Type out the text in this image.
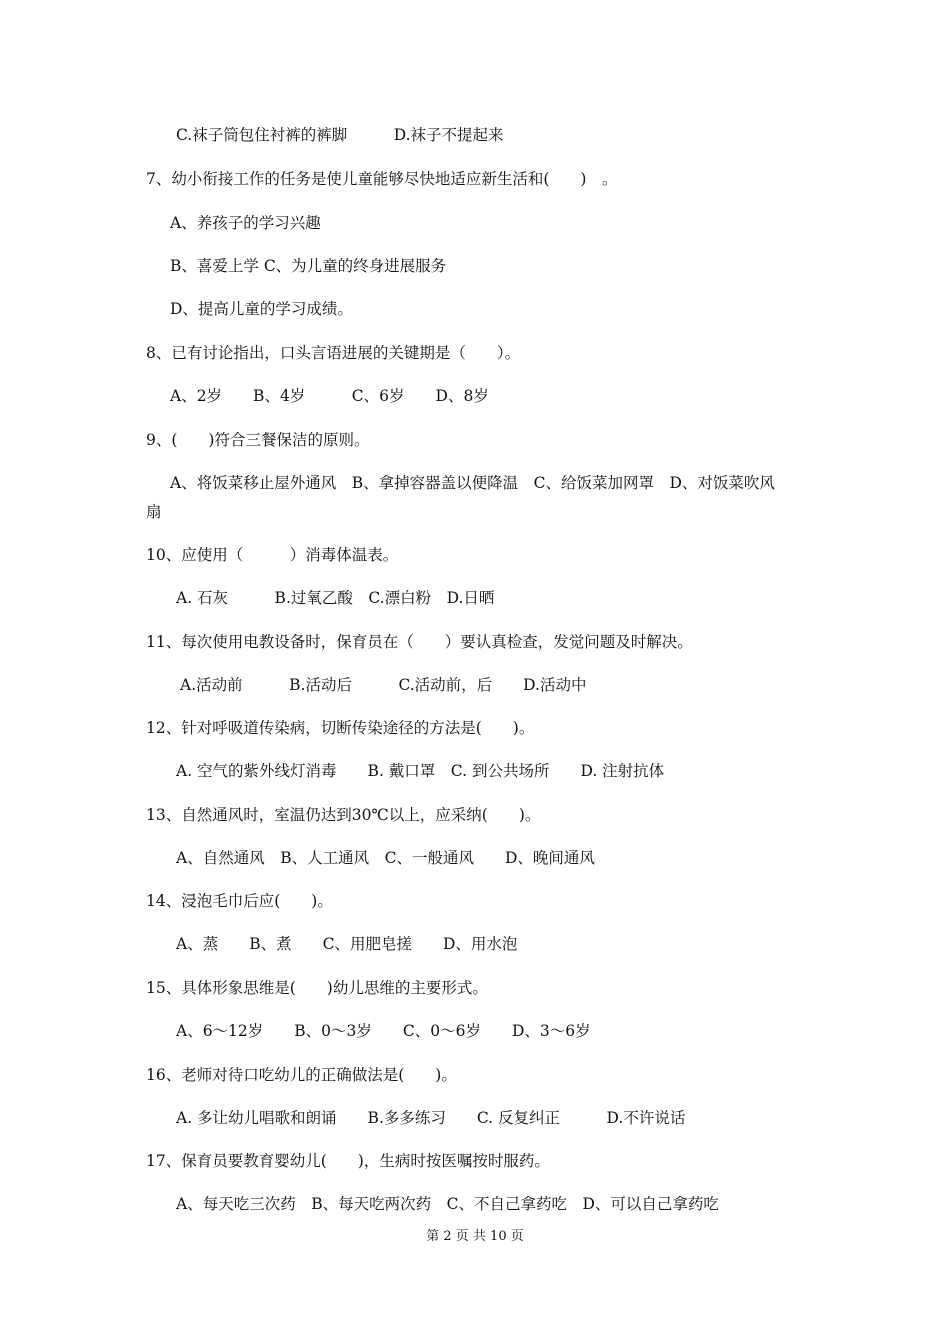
C.袜子筒包住衬裤的裤脚　　　D.袜子不提起来
7、幼小衔接工作的任务是使儿童能够尽快地适应新生活和(　　)　。
A、养孩子的学习兴趣
B、喜爱上学 C、为儿童的终身进展服务
D、提高儿童的学习成绩。
8、已有讨论指出，口头言语进展的关键期是（　　）。
A、2岁　　B、4岁　　　C、6岁　　D、8岁
9、(　　)符合三餐保洁的原则。
A、将饭菜移止屋外通风　B、拿掉容器盖以便降温　C、给饭菜加网罩　D、对饭菜吹风
扇
10、应使用（　　　）消毒体温表。
A. 石灰　　　B.过氧乙酸　C.漂白粉　D.日晒
11、每次使用电教设备时，保育员在（　　）要认真检查，发觉问题及时解决。
A.活动前　　　B.活动后　　　C.活动前，后　　D.活动中
12、针对呼吸道传染病，切断传染途径的方法是(　　)。
A. 空气的紫外线灯消毒　　B. 戴口罩　C. 到公共场所　　D. 注射抗体
13、自然通风时，室温仍达到30℃以上，应采纳(　　)。
A、自然通风　B、人工通风　C、一般通风　　D、晚间通风
14、浸泡毛巾后应(　　)。
A、蒸　　B、煮　　C、用肥皂搓　　D、用水泡
15、具体形象思维是(　　)幼儿思维的主要形式。
A、6～12岁　　B、0～3岁　　C、0～6岁　　D、3～6岁
16、老师对待口吃幼儿的正确做法是(　　)。
A. 多让幼儿唱歌和朗诵　　B.多多练习　　C. 反复纠正　　　D.不许说话
17、保育员要教育婴幼儿(　　)，生病时按医嘱按时服药。
A、每天吃三次药　B、每天吃两次药　C、不自己拿药吃　D、可以自己拿药吃
第 2 页 共 10 页
